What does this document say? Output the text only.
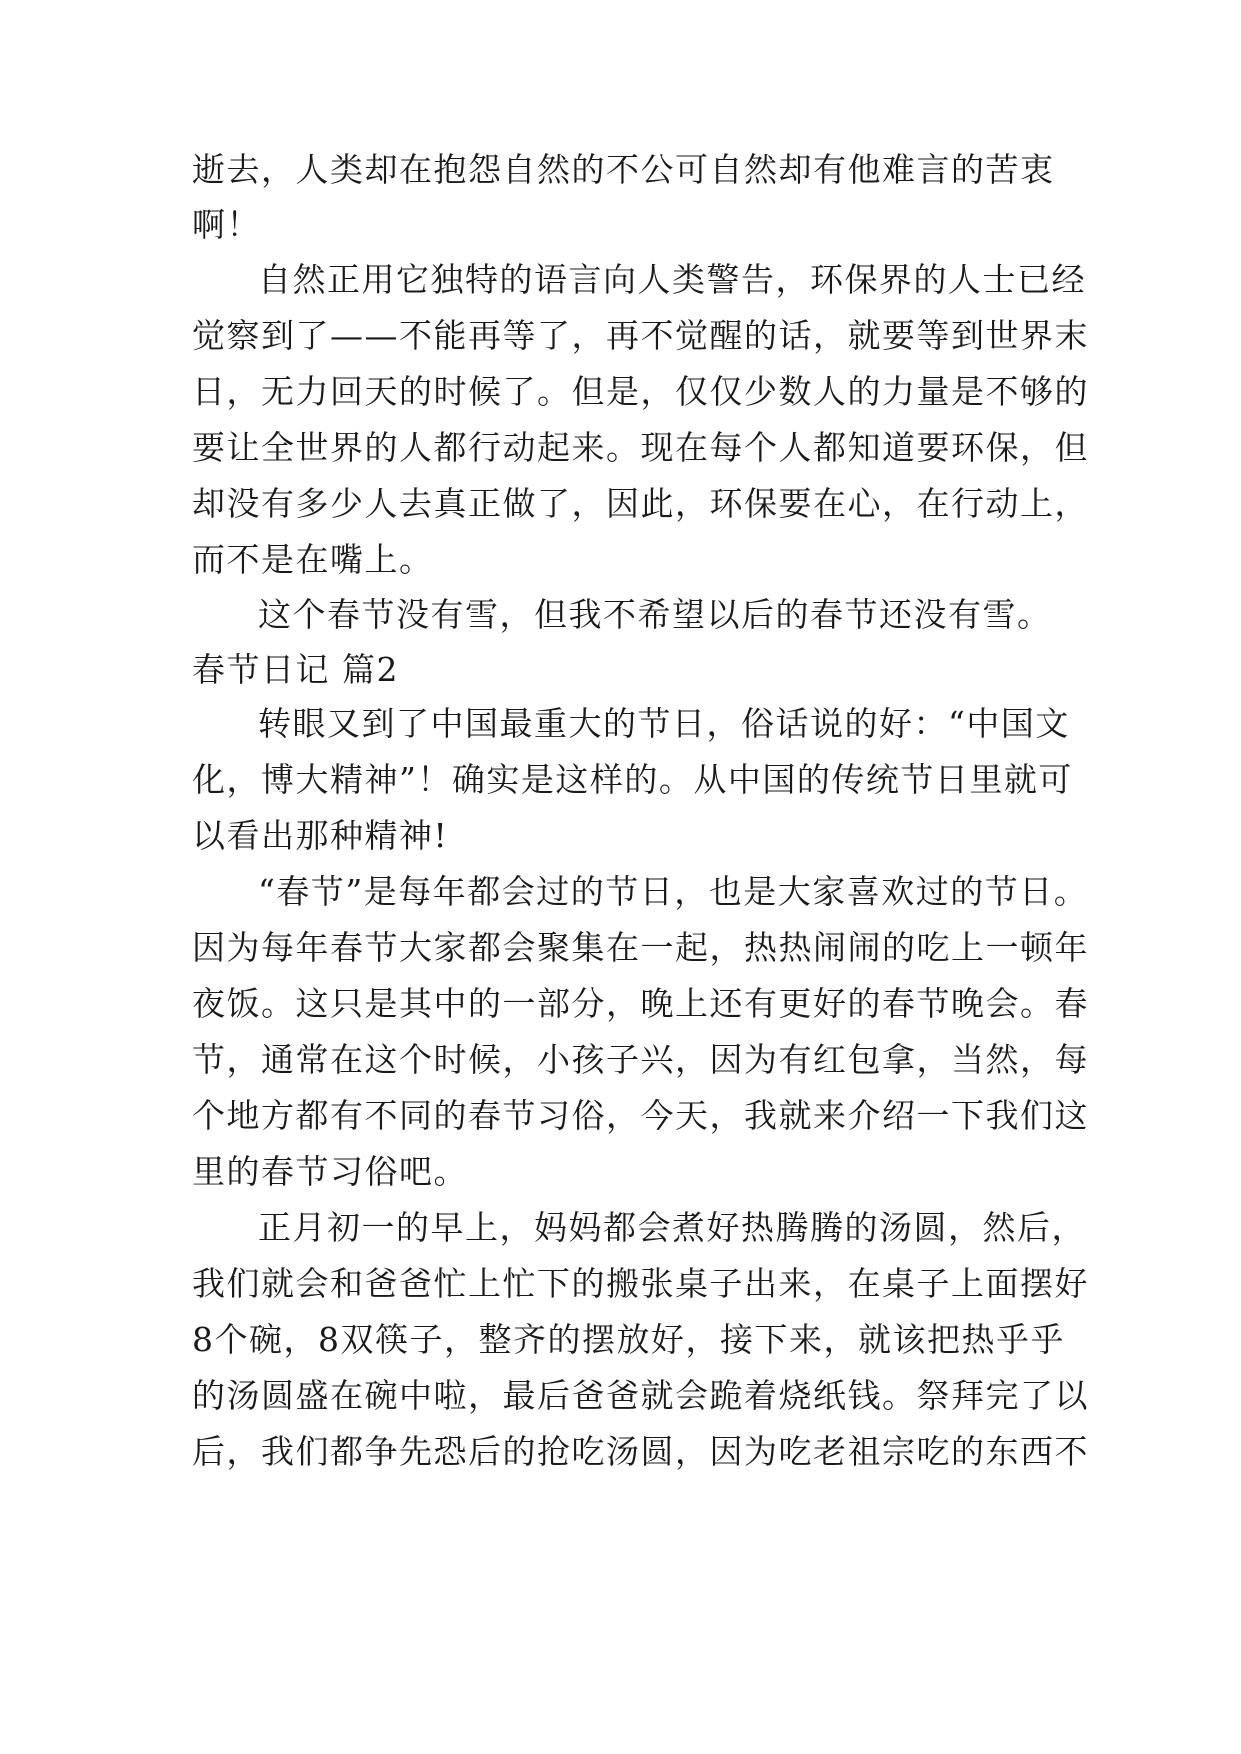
逝去，人类却在抱怨自然的不公可自然却有他难言的苦衷
啊！
自然正用它独特的语言向人类警告，环保界的人士已经
觉察到了——不能再等了，再不觉醒的话，就要等到世界末
日，无力回天的时候了。但是，仅仅少数人的力量是不够的
要让全世界的人都行动起来。现在每个人都知道要环保，但
却没有多少人去真正做了，因此，环保要在心，在行动上，
而不是在嘴上。
这个春节没有雪，但我不希望以后的春节还没有雪。
春节日记 篇2
转眼又到了中国最重大的节日，俗话说的好：“中国文
化，博大精神”！确实是这样的。从中国的传统节日里就可
以看出那种精神!
“春节”是每年都会过的节日，也是大家喜欢过的节日。
因为每年春节大家都会聚集在一起，热热闹闹的吃上一顿年
夜饭。这只是其中的一部分，晚上还有更好的春节晚会。春
节，通常在这个时候，小孩子兴，因为有红包拿，当然，每
个地方都有不同的春节习俗，今天，我就来介绍一下我们这
里的春节习俗吧。
正月初一的早上，妈妈都会煮好热腾腾的汤圆，然后，
我们就会和爸爸忙上忙下的搬张桌子出来，在桌子上面摆好
8个碗，8双筷子，整齐的摆放好，接下来，就该把热乎乎
的汤圆盛在碗中啦，最后爸爸就会跪着烧纸钱。祭拜完了以
后，我们都争先恐后的抢吃汤圆，因为吃老祖宗吃的东西不
